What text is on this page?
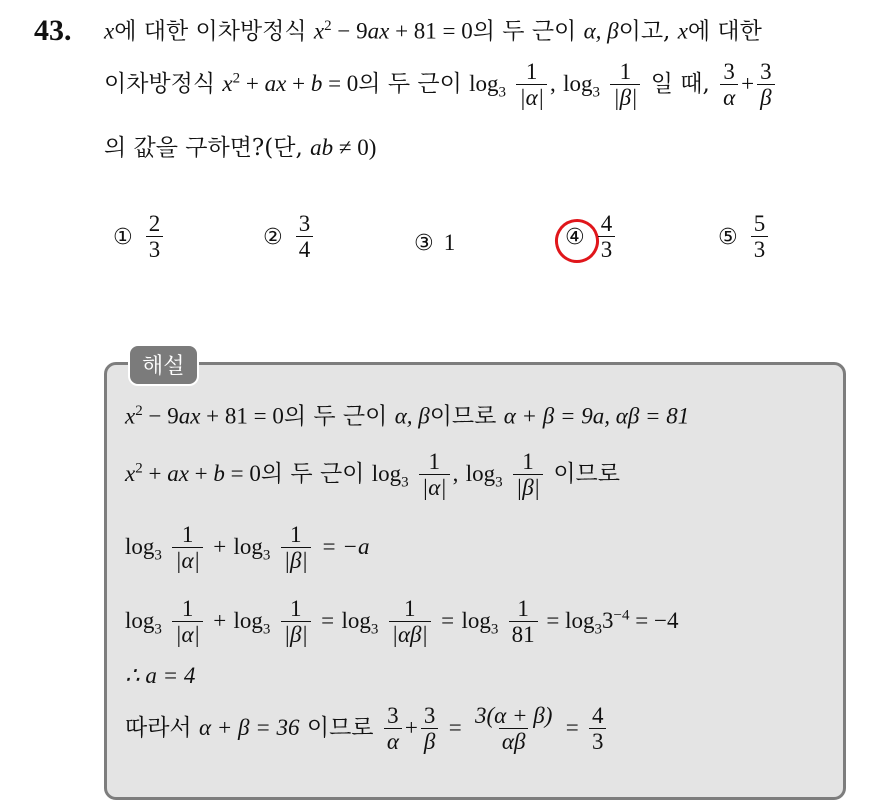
43. x에 대한 이차방정식 $x^2 - 9ax + 81 = 0$의 두 근이 α, β이고, x에 대한
이차방정식 $x^2$ + ax + b = 0의 두 근이 $\log_3 \frac{1}{|\alpha|}$ , $\log_3 \frac{1}{|\beta|}$ 일 때, $\frac{3}{\alpha} + \frac{3}{\beta}$
의 값을 구하면?(단, ab ≠ 0)
① $\frac{2}{3}$	② $\frac{3}{4}$	③ 1	④ $\frac{4}{3}$	⑤ $\frac{5}{3}$
해설
$x^2 - 9ax + 81 = 0$의 두 근이 α, β이므로 α + β = 9a, αβ = 81
$x^2$ + ax + b = 0의 두 근이 $\log_3 \frac{1}{|\alpha|}$ , $\log_3 \frac{1}{|\beta|}$ 이므로
$\log_3 \frac{1}{|\alpha|} + \log_3 \frac{1}{|\beta|} = -a$
$\log_3 \frac{1}{|\alpha|} + \log_3 \frac{1}{|\beta|} = \log_3 \frac{1}{|\alpha\beta|} = \log_3 \frac{1}{81} = \log_33^{-4} = -4$
∴ a = 4
따라서 α + β = 36 이므로 $\frac{3}{\alpha} + \frac{3}{\beta} = \frac{3(\alpha + \beta)}{\alpha\beta} = \frac{4}{3}$
